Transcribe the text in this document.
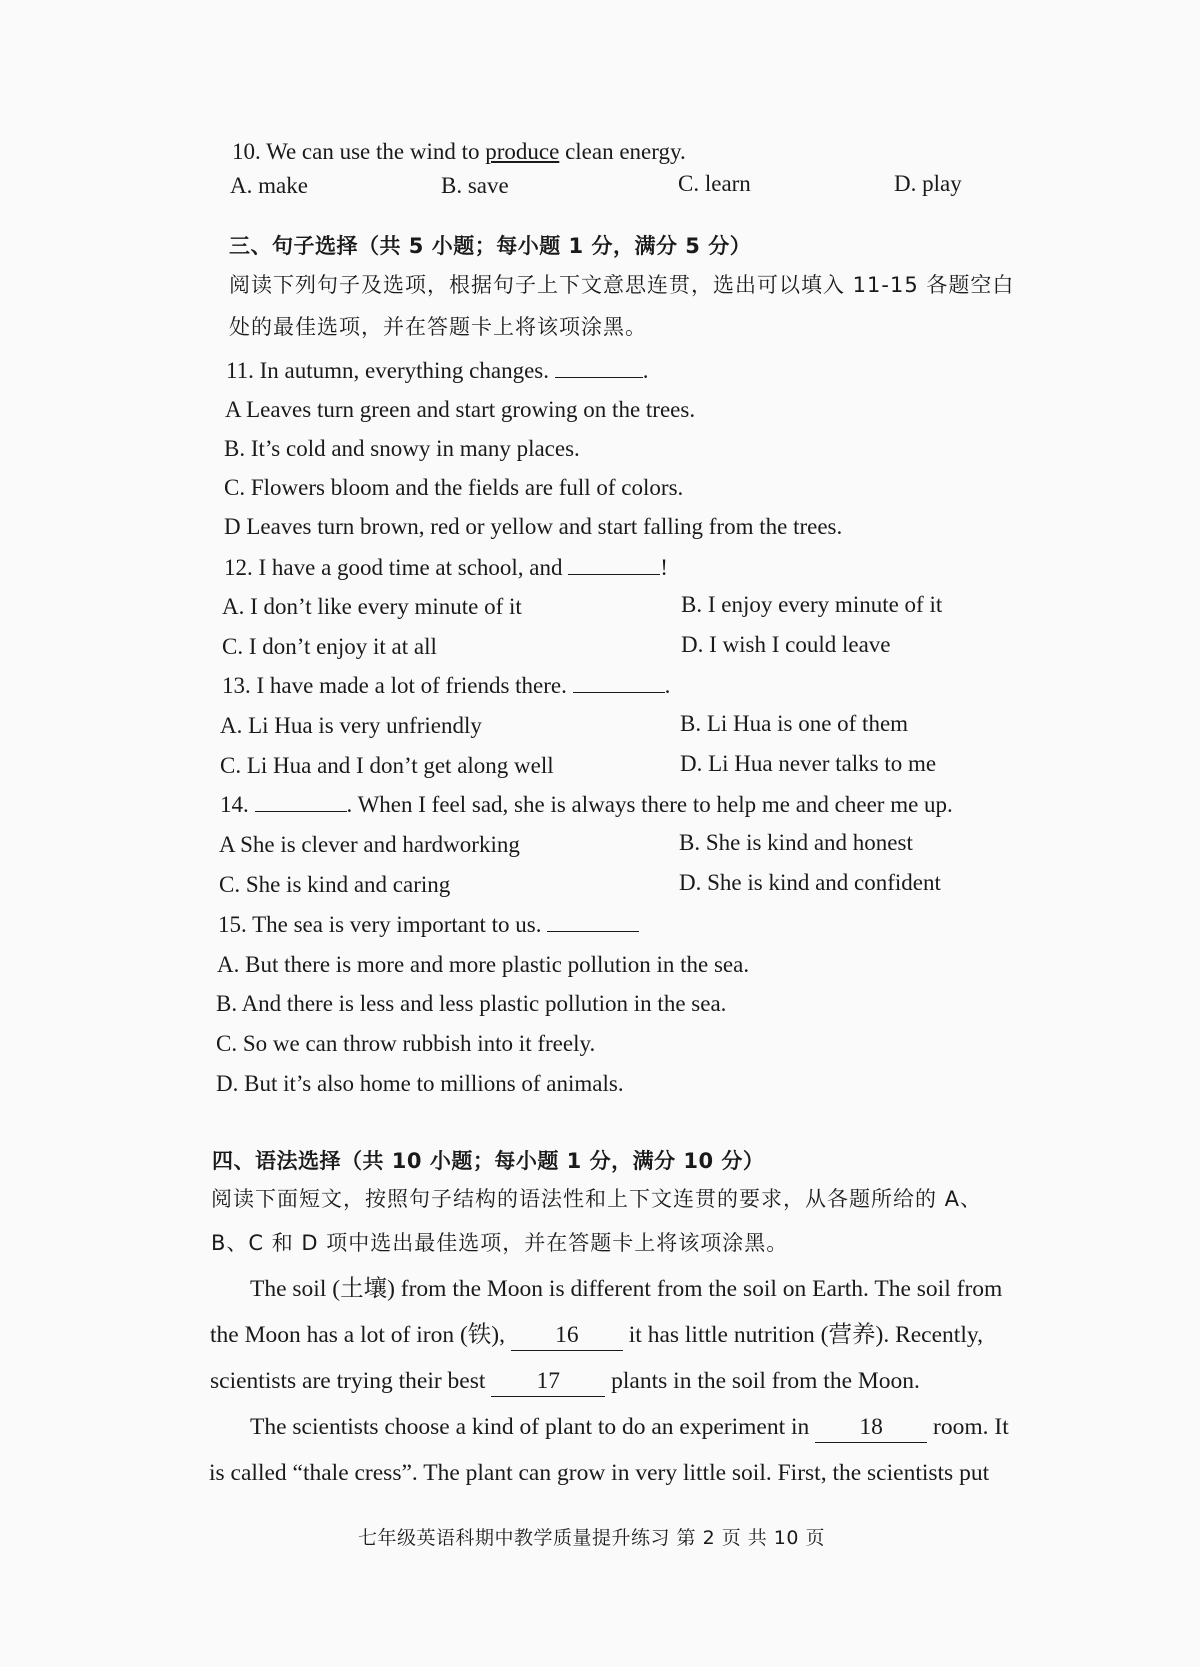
10. We can use the wind to produce clean energy.
A. make	B. save	C. learn	D. play
三、句子选择（共 5 小题；每小题 1 分，满分 5 分）
阅读下列句子及选项，根据句子上下文意思连贯，选出可以填入 11-15 各题空白
处的最佳选项，并在答题卡上将该项涂黑。
11. In autumn, everything changes.	.
A Leaves turn green and start growing on the trees.
B. It’s cold and snowy in many places.
C. Flowers bloom and the fields are full of colors.
D Leaves turn brown, red or yellow and start falling from the trees.
12. I have a good time at school, and	!
A. I don’t like every minute of it	B. I enjoy every minute of it
C. I don’t enjoy it at all	D. I wish I could leave
13. I have made a lot of friends there.	.
A. Li Hua is very unfriendly	B. Li Hua is one of them
C. Li Hua and I don’t get along well	D. Li Hua never talks to me
14.	. When I feel sad, she is always there to help me and cheer me up.
A She is clever and hardworking	B. She is kind and honest
C. She is kind and caring	D. She is kind and confident
15. The sea is very important to us.
A. But there is more and more plastic pollution in the sea.
B. And there is less and less plastic pollution in the sea.
C. So we can throw rubbish into it freely.
D. But it’s also home to millions of animals.
四、语法选择（共 10 小题；每小题 1 分，满分 10 分）
阅读下面短文，按照句子结构的语法性和上下文连贯的要求，从各题所给的 A、
B、C 和 D 项中选出最佳选项，并在答题卡上将该项涂黑。
The soil (土壤) from the Moon is different from the soil on Earth. The soil from
the Moon has a lot of iron (铁), 16 it has little nutrition (营养). Recently,
scientists are trying their best 17 plants in the soil from the Moon.
The scientists choose a kind of plant to do an experiment in 18 room. It
is called “thale cress”. The plant can grow in very little soil. First, the scientists put
七年级英语科期中教学质量提升练习 第 2 页 共 10 页
